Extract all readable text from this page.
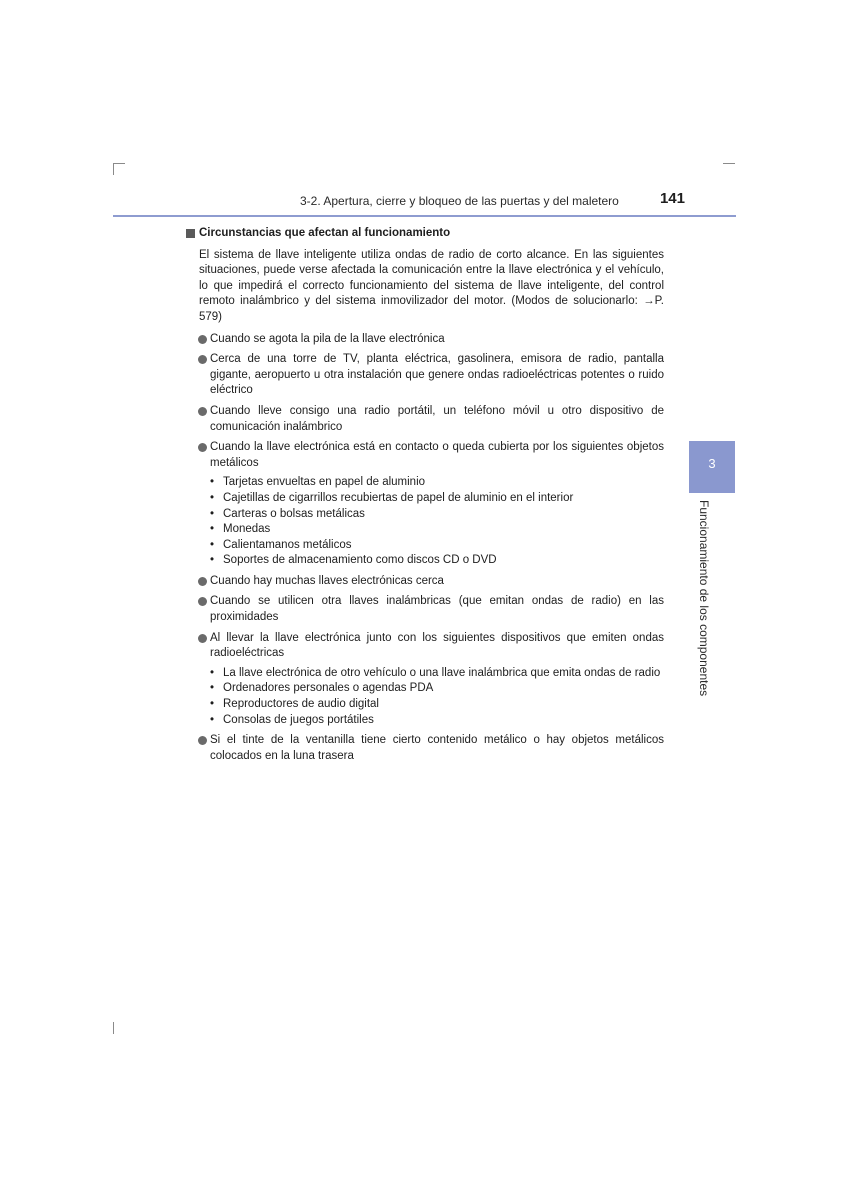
3-2. Apertura, cierre y bloqueo de las puertas y del maletero	141
3
Funcionamiento de los componentes
Circunstancias que afectan al funcionamiento
El sistema de llave inteligente utiliza ondas de radio de corto alcance. En las siguientes situaciones, puede verse afectada la comunicación entre la llave electrónica y el vehículo, lo que impedirá el correcto funcionamiento del sistema de llave inteligente, del control remoto inalámbrico y del sistema inmovilizador del motor. (Modos de solucionarlo: →P. 579)
Cuando se agota la pila de la llave electrónica
Cerca de una torre de TV, planta eléctrica, gasolinera, emisora de radio, pantalla gigante, aeropuerto u otra instalación que genere ondas radioeléctricas potentes o ruido eléctrico
Cuando lleve consigo una radio portátil, un teléfono móvil u otro dispositivo de comunicación inalámbrico
Cuando la llave electrónica está en contacto o queda cubierta por los siguientes objetos metálicos
• Tarjetas envueltas en papel de aluminio
• Cajetillas de cigarrillos recubiertas de papel de aluminio en el interior
• Carteras o bolsas metálicas
• Monedas
• Calientamanos metálicos
• Soportes de almacenamiento como discos CD o DVD
Cuando hay muchas llaves electrónicas cerca
Cuando se utilicen otra llaves inalámbricas (que emitan ondas de radio) en las proximidades
Al llevar la llave electrónica junto con los siguientes dispositivos que emiten ondas radioeléctricas
• La llave electrónica de otro vehículo o una llave inalámbrica que emita ondas de radio
• Ordenadores personales o agendas PDA
• Reproductores de audio digital
• Consolas de juegos portátiles
Si el tinte de la ventanilla tiene cierto contenido metálico o hay objetos metálicos colocados en la luna trasera
